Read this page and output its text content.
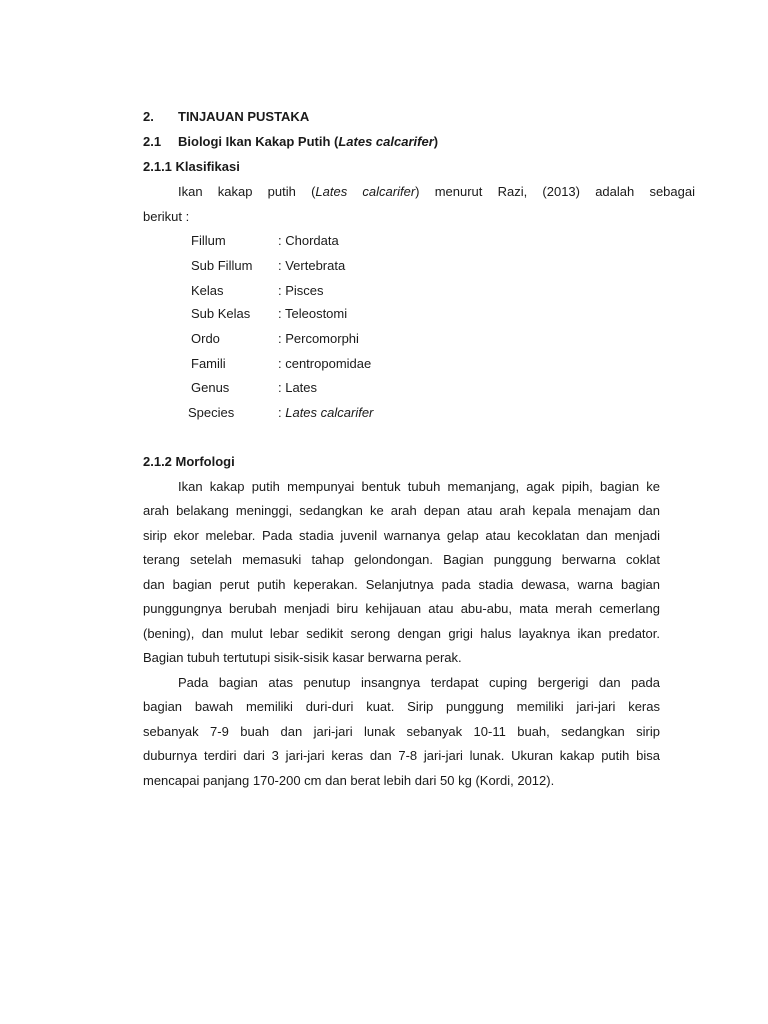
2. TINJAUAN PUSTAKA
2.1 Biologi Ikan Kakap Putih (Lates calcarifer)
2.1.1 Klasifikasi
Ikan kakap putih (Lates calcarifer) menurut Razi, (2013) adalah sebagai
berikut :
Fillum	: Chordata
Sub Fillum : Vertebrata
Kelas	: Pisces
Sub Kelas : Teleostomi
Ordo	: Percomorphi
Famili	: centropomidae
Genus	: Lates
Species	: Lates calcarifer
2.1.2 Morfologi
Ikan kakap putih mempunyai bentuk tubuh memanjang, agak pipih, bagian ke
arah belakang meninggi, sedangkan ke arah depan atau arah kepala menajam dan
sirip ekor melebar. Pada stadia juvenil warnanya gelap atau kecoklatan dan menjadi
terang setelah memasuki tahap gelondongan. Bagian punggung berwarna coklat
dan bagian perut putih keperakan. Selanjutnya pada stadia dewasa, warna bagian
punggungnya berubah menjadi biru kehijauan atau abu-abu, mata merah cemerlang
(bening), dan mulut lebar sedikit serong dengan grigi halus layaknya ikan predator.
Bagian tubuh tertutupi sisik-sisik kasar berwarna perak.
Pada bagian atas penutup insangnya terdapat cuping bergerigi dan pada
bagian bawah memiliki duri-duri kuat. Sirip punggung memiliki jari-jari keras
sebanyak 7-9 buah dan jari-jari lunak sebanyak 10-11 buah, sedangkan sirip
duburnya terdiri dari 3 jari-jari keras dan 7-8 jari-jari lunak. Ukuran kakap putih bisa
mencapai panjang 170-200 cm dan berat lebih dari 50 kg (Kordi, 2012).
